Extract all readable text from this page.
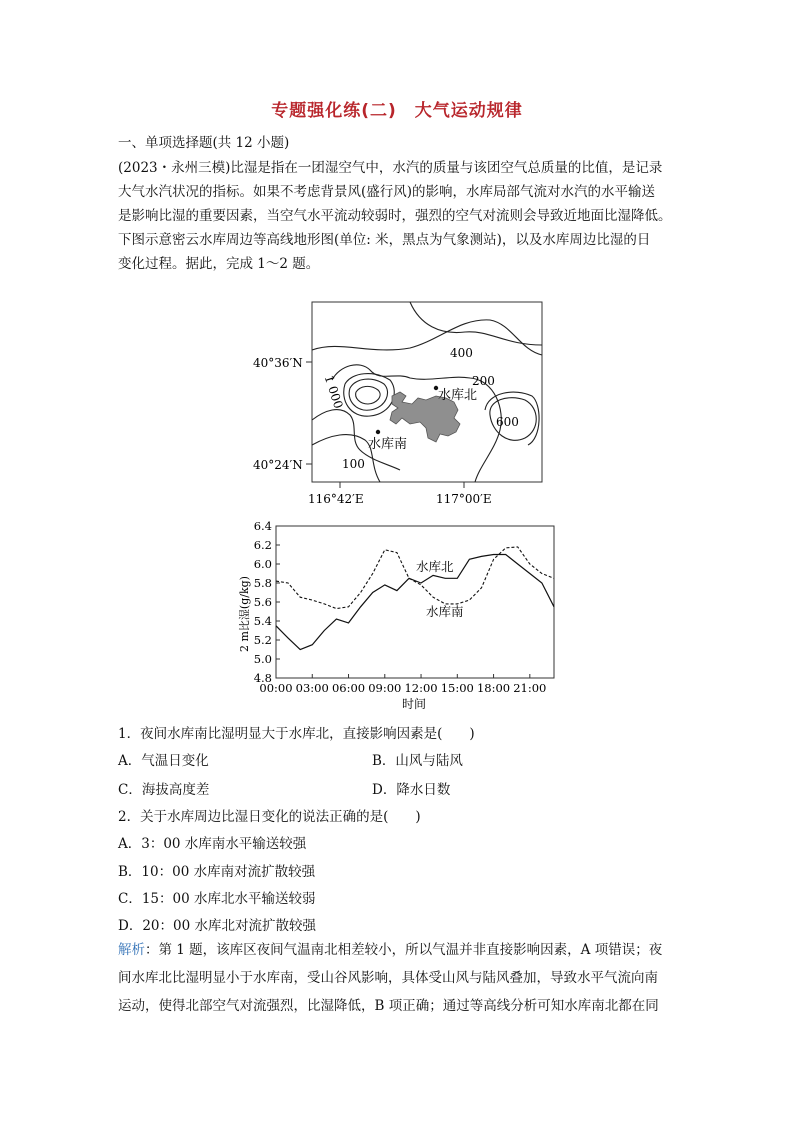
专题强化练(二)　大气运动规律
一、单项选择题(共 12 小题)
(2023・永州三模)比湿是指在一团湿空气中，水汽的质量与该团空气总质量的比值，是记录
大气水汽状况的指标。如果不考虑背景风(盛行风)的影响，水库局部气流对水汽的水平输送
是影响比湿的重要因素，当空气水平流动较弱时，强烈的空气对流则会导致近地面比湿降低。
下图示意密云水库周边等高线地形图(单位: 米，黑点为气象测站)，以及水库周边比湿的日
变化过程。据此，完成 1～2 题。
水库北
水库南
400
1 000	200
600
100
40°36′N
40°24′N
116°42′E	117°00′E
6.4
6.2
6.0
5.8
5.6
5.4
5.2
5.0
4.8
00:00 03:00 06:00 09:00 12:00 15:00 18:00 21:00
水库北
水库南
时间
2 m比湿(g/kg)
1．夜间水库南比湿明显大于水库北，直接影响因素是(　　)
A．气温日变化	B．山风与陆风
C．海拔高度差	D．降水日数
2．关于水库周边比湿日变化的说法正确的是(　　)
A．3：00 水库南水平输送较强
B．10：00 水库南对流扩散较强
C．15：00 水库北水平输送较弱
D．20：00 水库北对流扩散较强
解析：第 1 题，该库区夜间气温南北相差较小，所以气温并非直接影响因素，A 项错误；夜
间水库北比湿明显小于水库南，受山谷风影响，具体受山风与陆风叠加，导致水平气流向南
运动，使得北部空气对流强烈，比湿降低，B 项正确；通过等高线分析可知水库南北都在同
